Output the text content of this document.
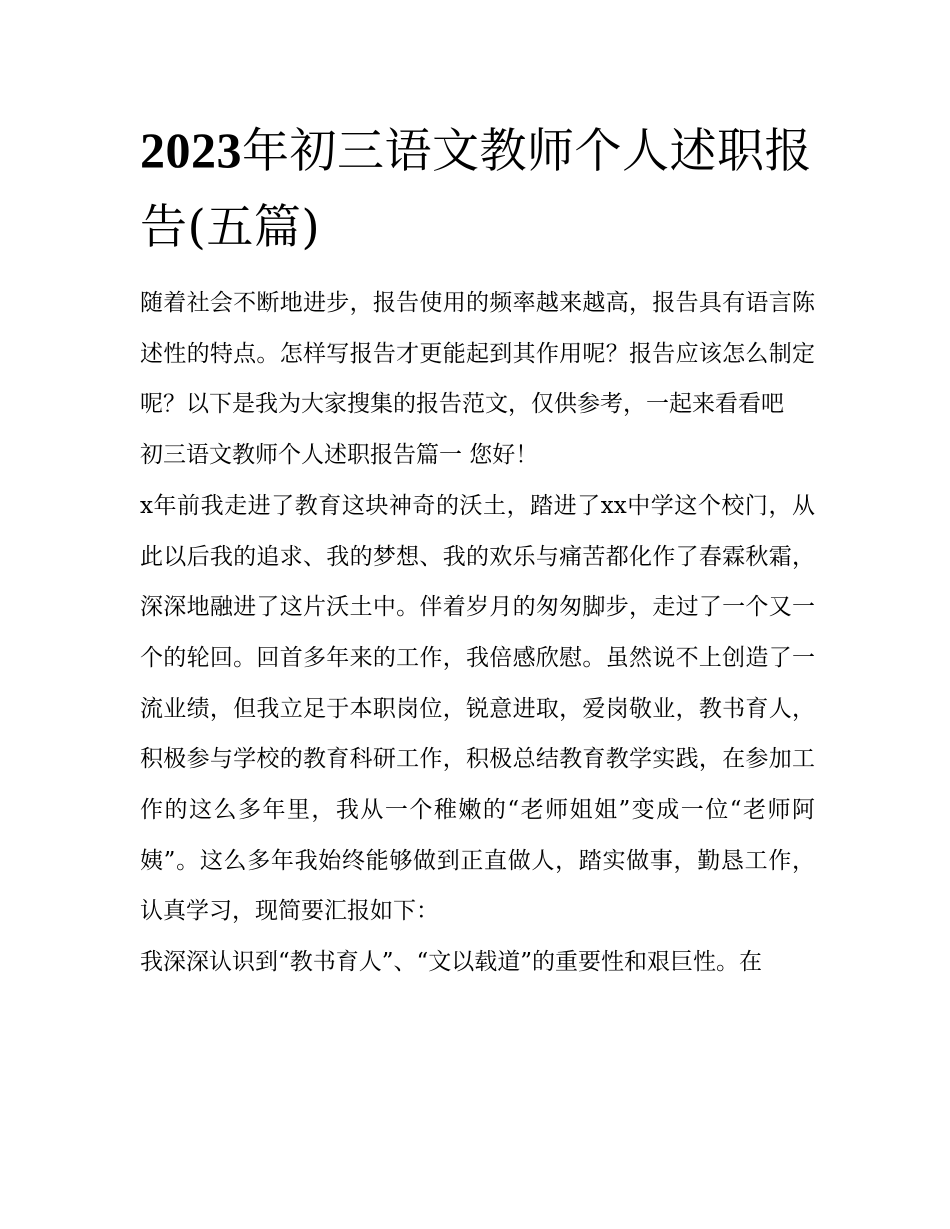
2023年初三语文教师个人述职报告(五篇)

随着社会不断地进步，报告使用的频率越来越高，报告具有语言陈述性的特点。怎样写报告才更能起到其作用呢？报告应该怎么制定呢？以下是我为大家搜集的报告范文，仅供参考，一起来看看吧

初三语文教师个人述职报告篇一 您好！

x年前我走进了教育这块神奇的沃土，踏进了xx中学这个校门，从此以后我的追求、我的梦想、我的欢乐与痛苦都化作了春霖秋霜，深深地融进了这片沃土中。伴着岁月的匆匆脚步，走过了一个又一个的轮回。回首多年来的工作，我倍感欣慰。虽然说不上创造了一流业绩，但我立足于本职岗位，锐意进取，爱岗敬业，教书育人，积极参与学校的教育科研工作，积极总结教育教学实践，在参加工作的这么多年里，我从一个稚嫩的“老师姐姐”变成一位“老师阿姨”。这么多年我始终能够做到正直做人，踏实做事，勤恳工作，认真学习，现简要汇报如下：

我深深认识到“教书育人”、“文以载道”的重要性和艰巨性。在
